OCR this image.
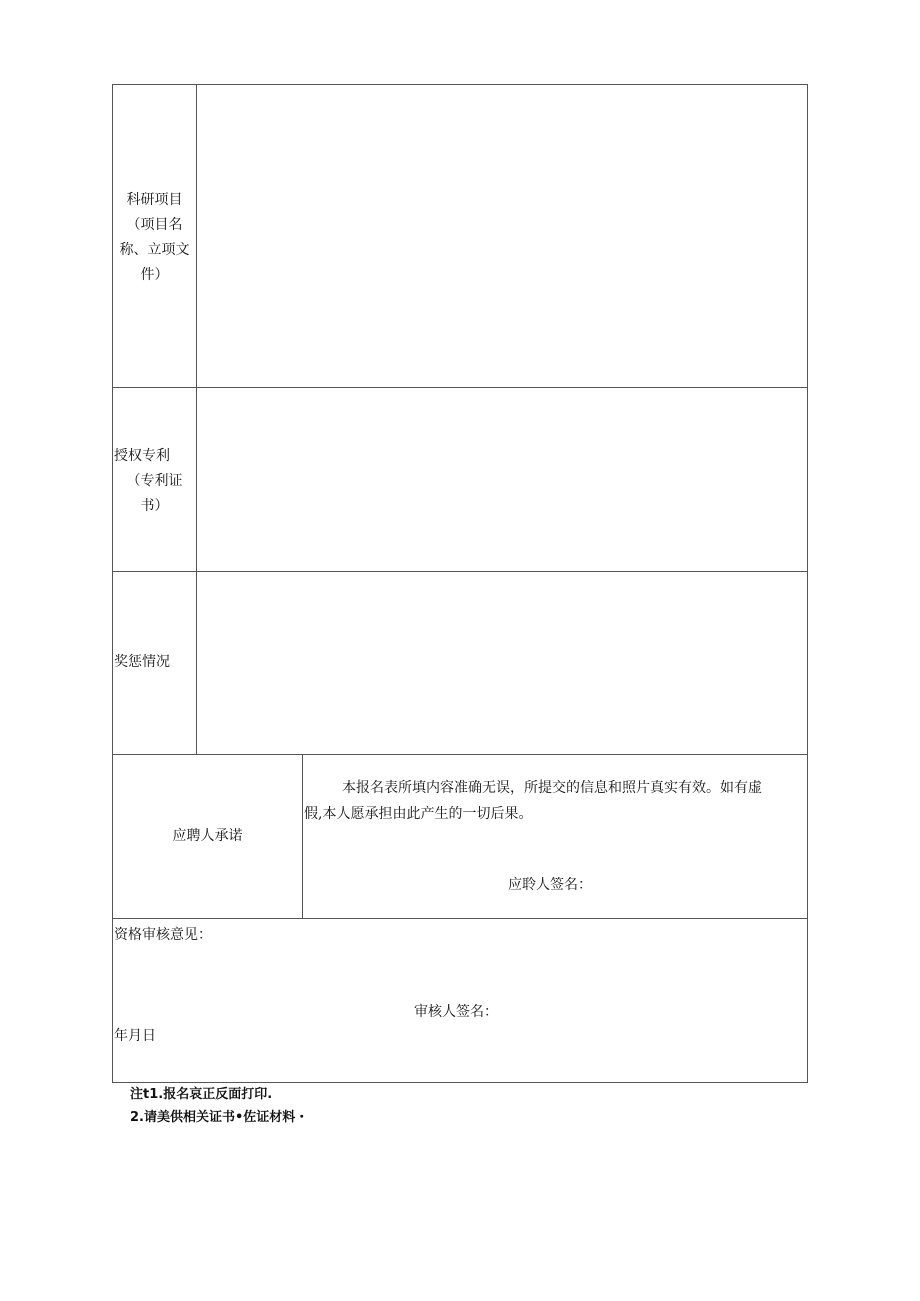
科研项目
（项目名
称、立项文
件）
授权专利
（专利证
书）
奖惩情况
应聘人承诺
本报名表所填内容准确无误，所提交的信息和照片真实有效。如有虚
假,本人愿承担由此产生的一切后果。
应聆人签名：
资格审核意见：
审核人签名：
年月日
注t1.报名哀正反面打印.
2.请美供相关证书•佐证材料・
